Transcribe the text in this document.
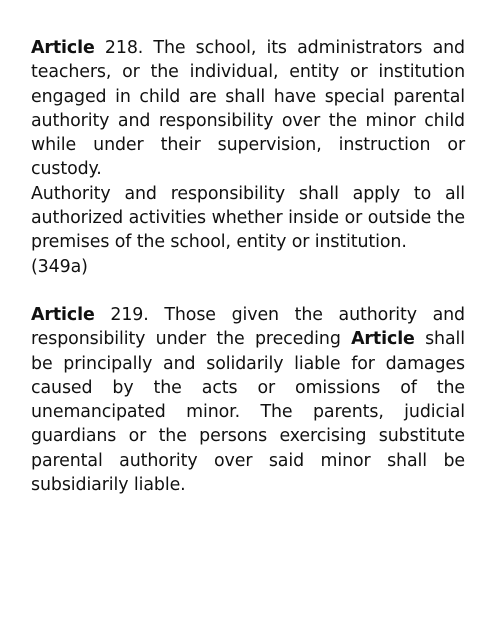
Article 218. The school, its administrators and teachers, or the individual, entity or institution engaged in child are shall have special parental authority and responsibility over the minor child while under their supervision, instruction or custody.

Authority and responsibility shall apply to all authorized activities whether inside or outside the premises of the school, entity or institution.

(349a)

Article 219. Those given the authority and responsibility under the preceding Article shall be principally and solidarily liable for damages caused by the acts or omissions of the unemancipated minor. The parents, judicial guardians or the persons exercising substitute parental authority over said minor shall be subsidiarily liable.
